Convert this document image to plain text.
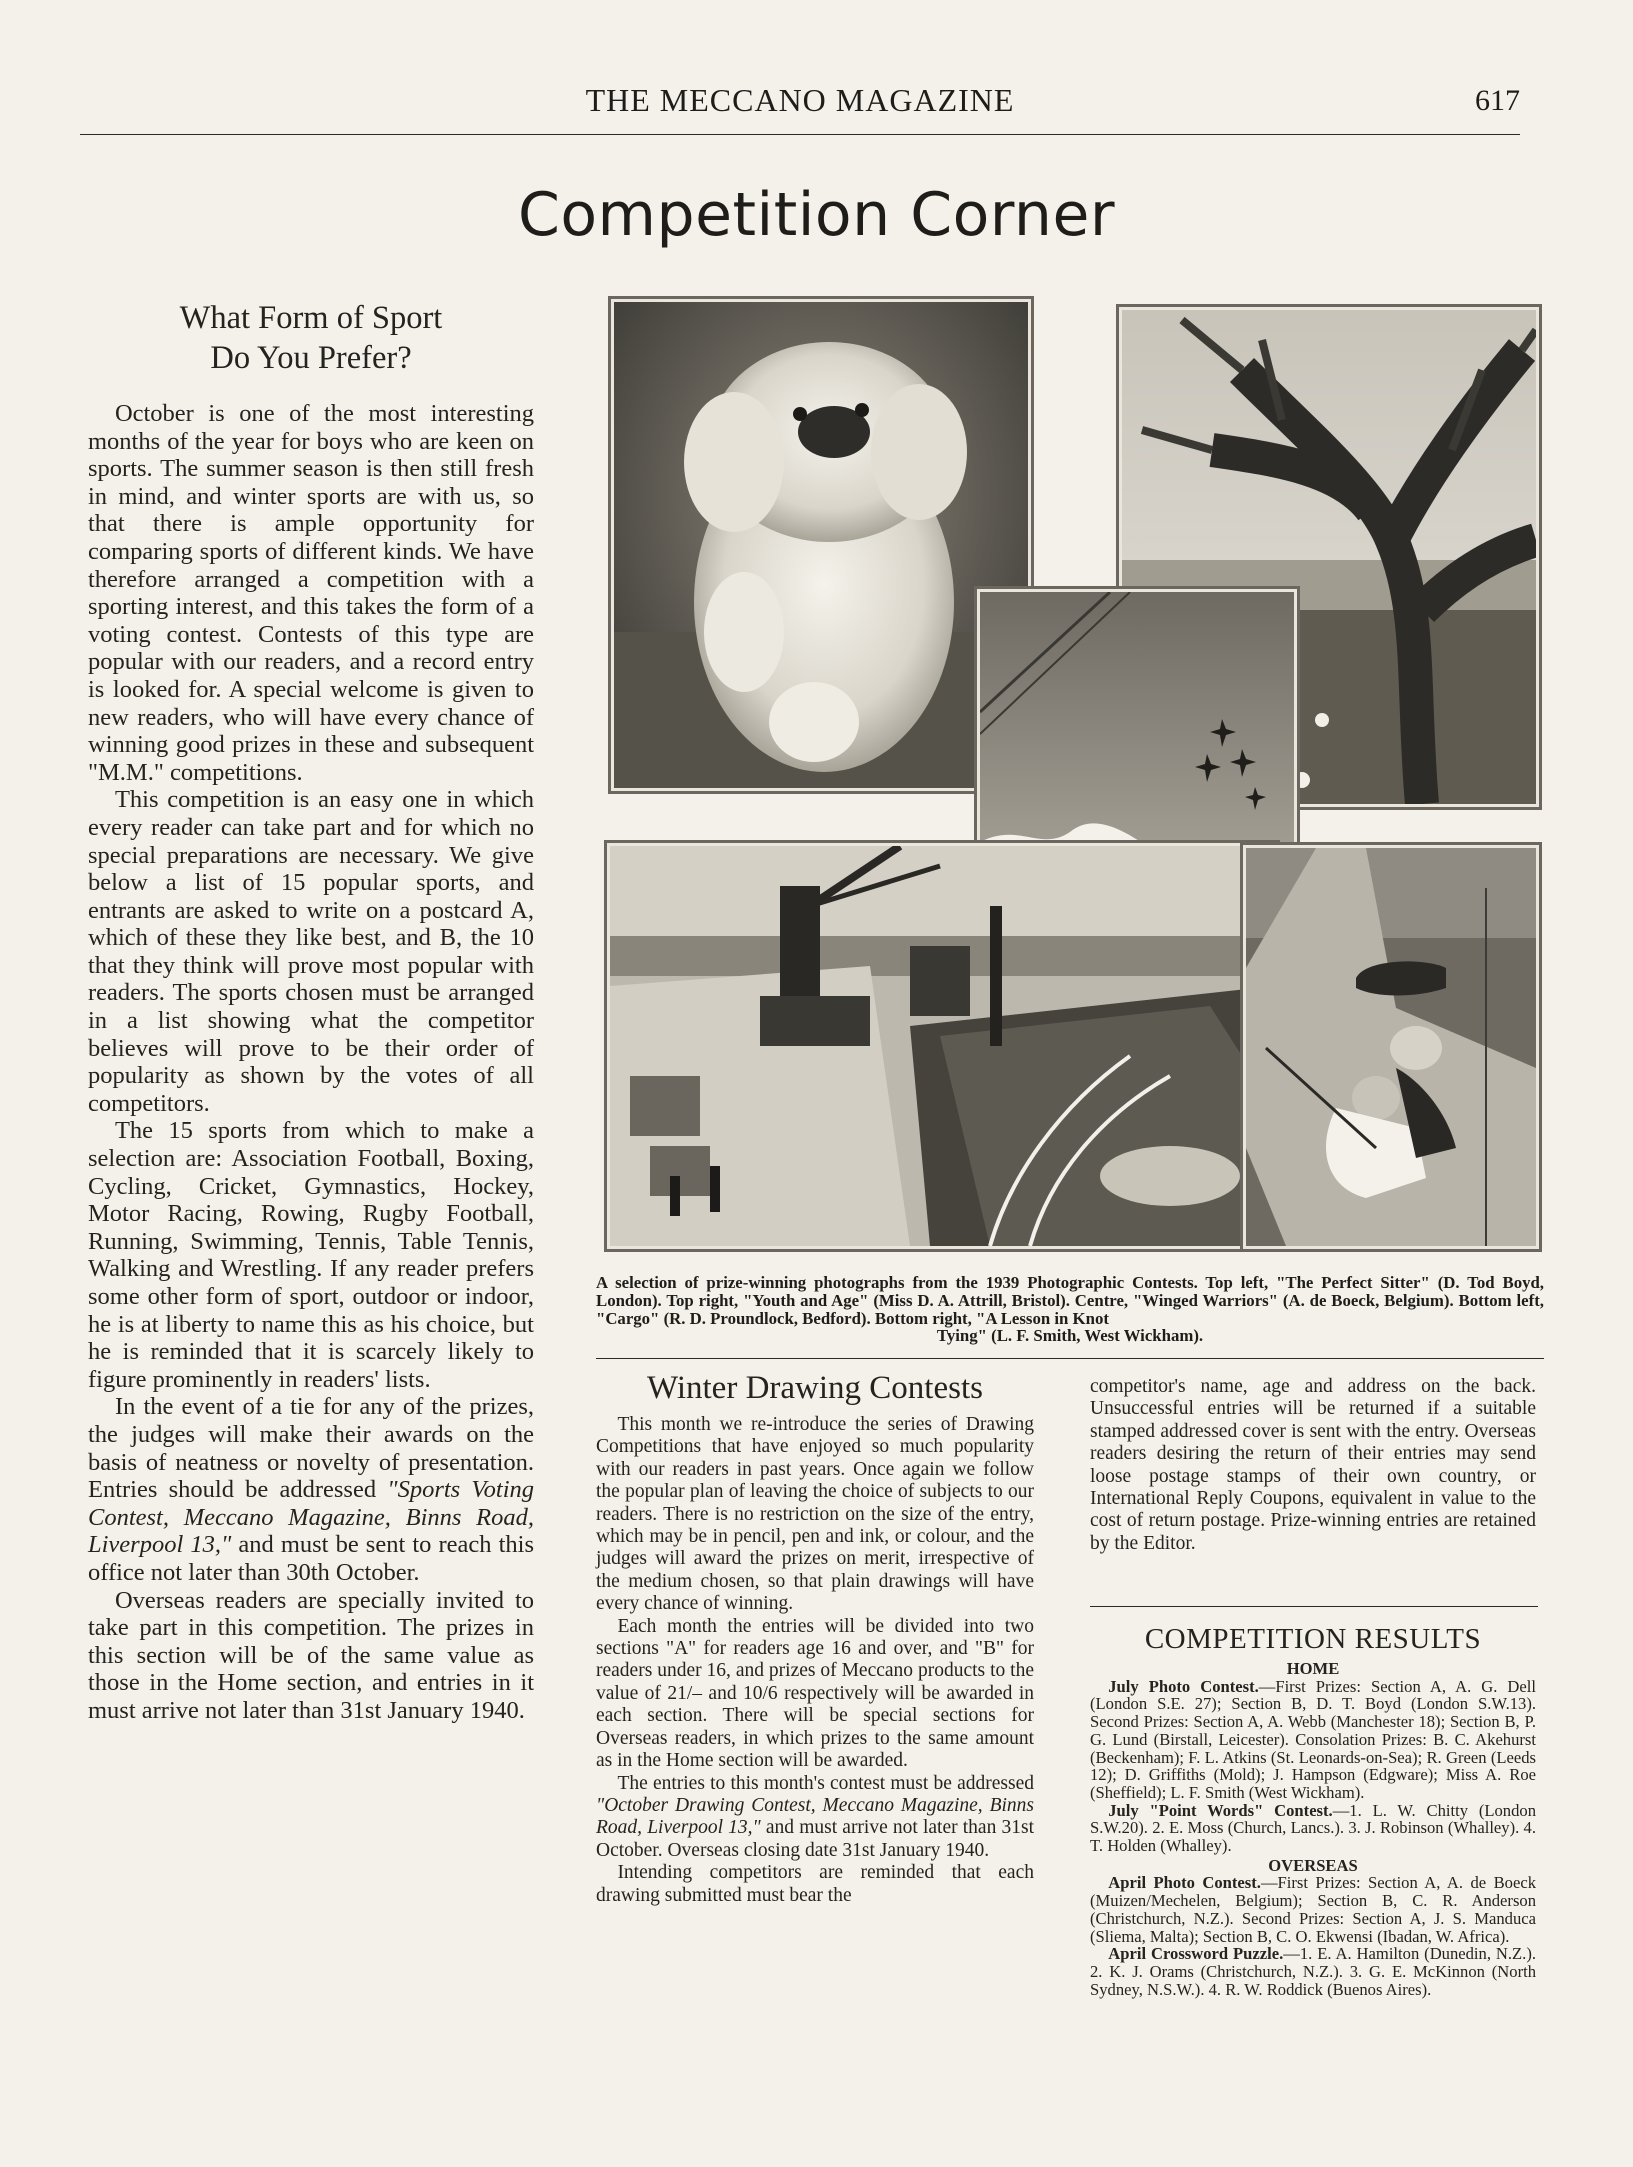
THE MECCANO MAGAZINE	617
Competition Corner
What Form of Sport
Do You Prefer?

October is one of the most interesting months of the year for boys who are keen on sports. The summer season is then still fresh in mind, and winter sports are with us, so that there is ample opportunity for comparing sports of different kinds. We have therefore arranged a competition with a sporting interest, and this takes the form of a voting contest. Contests of this type are popular with our readers, and a record entry is looked for. A special welcome is given to new readers, who will have every chance of winning good prizes in these and subsequent "M.M." competitions.

This competition is an easy one in which every reader can take part and for which no special preparations are necessary. We give below a list of 15 popular sports, and entrants are asked to write on a postcard A, which of these they like best, and B, the 10 that they think will prove most popular with readers. The sports chosen must be arranged in a list showing what the competitor believes will prove to be their order of popularity as shown by the votes of all competitors.

The 15 sports from which to make a selection are: Association Football, Boxing, Cycling, Cricket, Gymnastics, Hockey, Motor Racing, Rowing, Rugby Football, Running, Swimming, Tennis, Table Tennis, Walking and Wrestling. If any reader prefers some other form of sport, outdoor or indoor, he is at liberty to name this as his choice, but he is reminded that it is scarcely likely to figure prominently in readers' lists.

In the event of a tie for any of the prizes, the judges will make their awards on the basis of neatness or novelty of presentation. Entries should be addressed "Sports Voting Contest, Meccano Magazine, Binns Road, Liverpool 13," and must be sent to reach this office not later than 30th October.

Overseas readers are specially invited to take part in this competition. The prizes in this section will be of the same value as those in the Home section, and entries in it must arrive not later than 31st January 1940.

A selection of prize-winning photographs from the 1939 Photographic Contests. Top left, "The Perfect Sitter" (D. Tod Boyd, London). Top right, "Youth and Age" (Miss D. A. Attrill, Bristol). Centre, "Winged Warriors" (A. de Boeck, Belgium). Bottom left, "Cargo" (R. D. Proundlock, Bedford). Bottom right, "A Lesson in Knot
Tying" (L. F. Smith, West Wickham).
Winter Drawing Contests

This month we re-introduce the series of Drawing Competitions that have enjoyed so much popularity with our readers in past years. Once again we follow the popular plan of leaving the choice of subjects to our readers. There is no restriction on the size of the entry, which may be in pencil, pen and ink, or colour, and the judges will award the prizes on merit, irrespective of the medium chosen, so that plain drawings will have every chance of winning.

Each month the entries will be divided into two sections "A" for readers age 16 and over, and "B" for readers under 16, and prizes of Meccano products to the value of 21/– and 10/6 respectively will be awarded in each section. There will be special sections for Overseas readers, in which prizes to the same amount as in the Home section will be awarded.

The entries to this month's contest must be addressed "October Drawing Contest, Meccano Magazine, Binns Road, Liverpool 13," and must arrive not later than 31st October. Overseas closing date 31st January 1940.

Intending competitors are reminded that each drawing submitted must bear the

competitor's name, age and address on the back. Unsuccessful entries will be returned if a suitable stamped addressed cover is sent with the entry. Overseas readers desiring the return of their entries may send loose postage stamps of their own country, or International Reply Coupons, equivalent in value to the cost of return postage. Prize-winning entries are retained by the Editor.

COMPETITION RESULTS
HOME

July Photo Contest.—First Prizes: Section A, A. G. Dell (London S.E. 27); Section B, D. T. Boyd (London S.W.13). Second Prizes: Section A, A. Webb (Manchester 18); Section B, P. G. Lund (Birstall, Leicester). Consolation Prizes: B. C. Akehurst (Beckenham); F. L. Atkins (St. Leonards-on-Sea); R. Green (Leeds 12); D. Griffiths (Mold); J. Hampson (Edgware); Miss A. Roe (Sheffield); L. F. Smith (West Wickham).

July "Point Words" Contest.—1. L. W. Chitty (London S.W.20). 2. E. Moss (Church, Lancs.). 3. J. Robinson (Whalley). 4. T. Holden (Whalley).

OVERSEAS

April Photo Contest.—First Prizes: Section A, A. de Boeck (Muizen/Mechelen, Belgium); Section B, C. R. Anderson (Christchurch, N.Z.). Second Prizes: Section A, J. S. Manduca (Sliema, Malta); Section B, C. O. Ekwensi (Ibadan, W. Africa).

April Crossword Puzzle.—1. E. A. Hamilton (Dunedin, N.Z.). 2. K. J. Orams (Christchurch, N.Z.). 3. G. E. McKinnon (North Sydney, N.S.W.). 4. R. W. Roddick (Buenos Aires).
